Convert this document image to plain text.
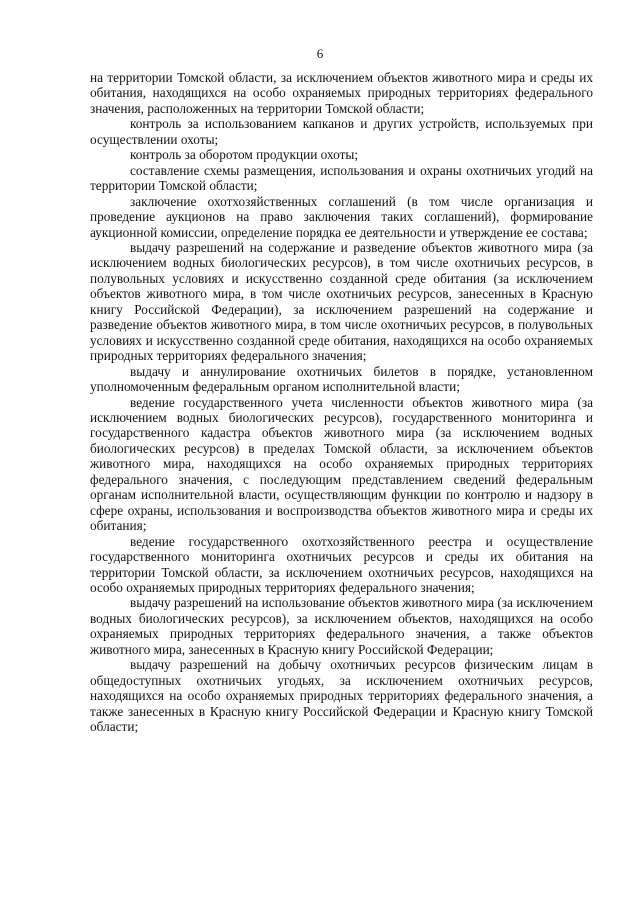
6

на территории Томской области, за исключением объектов животного мира и среды их обитания, находящихся на особо охраняемых природных территориях федерального значения, расположенных на территории Томской области;

контроль за использованием капканов и других устройств, используемых при осуществлении охоты;

контроль за оборотом продукции охоты;

составление схемы размещения, использования и охраны охотничьих угодий на территории Томской области;

заключение охотхозяйственных соглашений (в том числе организация и проведение аукционов на право заключения таких соглашений), формирование аукционной комиссии, определение порядка ее деятельности и утверждение ее состава;

выдачу разрешений на содержание и разведение объектов животного мира (за исключением водных биологических ресурсов), в том числе охотничьих ресурсов, в полувольных условиях и искусственно созданной среде обитания (за исключением объектов животного мира, в том числе охотничьих ресурсов, занесенных в Красную книгу Российской Федерации), за исключением разрешений на содержание и разведение объектов животного мира, в том числе охотничьих ресурсов, в полувольных условиях и искусственно созданной среде обитания, находящихся на особо охраняемых природных территориях федерального значения;

выдачу и аннулирование охотничьих билетов в порядке, установленном уполномоченным федеральным органом исполнительной власти;

ведение государственного учета численности объектов животного мира (за исключением водных биологических ресурсов), государственного мониторинга и государственного кадастра объектов животного мира (за исключением водных биологических ресурсов) в пределах Томской области, за исключением объектов животного мира, находящихся на особо охраняемых природных территориях федерального значения, с последующим представлением сведений федеральным органам исполнительной власти, осуществляющим функции по контролю и надзору в сфере охраны, использования и воспроизводства объектов животного мира и среды их обитания;

ведение государственного охотхозяйственного реестра и осуществление государственного мониторинга охотничьих ресурсов и среды их обитания на территории Томской области, за исключением охотничьих ресурсов, находящихся на особо охраняемых природных территориях федерального значения;

выдачу разрешений на использование объектов животного мира (за исключением водных биологических ресурсов), за исключением объектов, находящихся на особо охраняемых природных территориях федерального значения, а также объектов животного мира, занесенных в Красную книгу Российской Федерации;

выдачу разрешений на добычу охотничьих ресурсов физическим лицам в общедоступных охотничьих угодьях, за исключением охотничьих ресурсов, находящихся на особо охраняемых природных территориях федерального значения, а также занесенных в Красную книгу Российской Федерации и Красную книгу Томской области;
